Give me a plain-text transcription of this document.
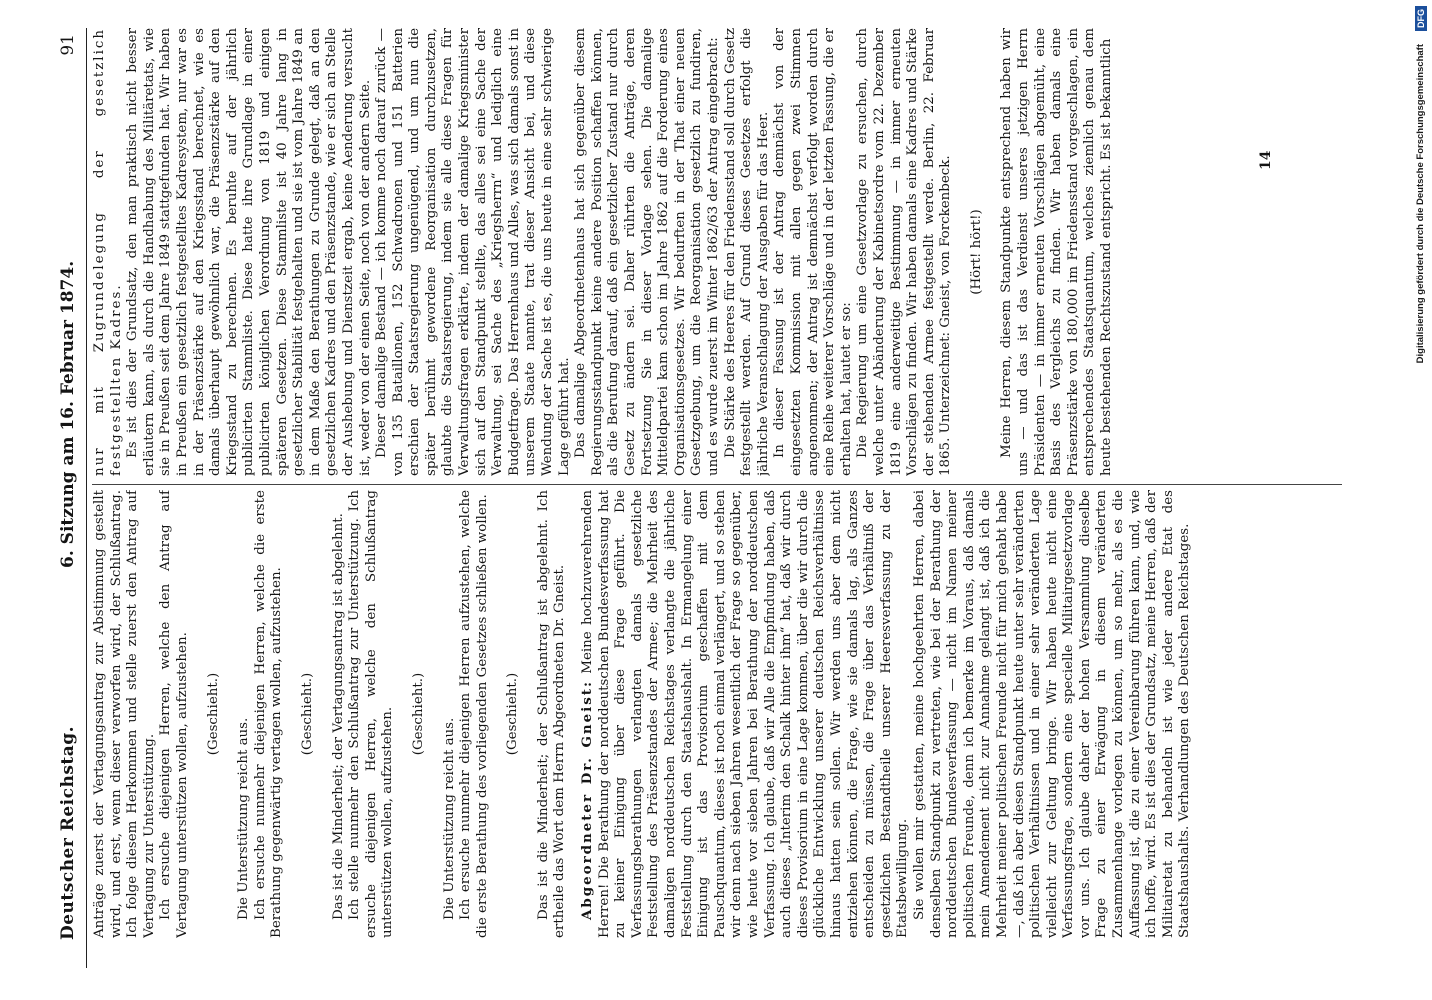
Deutscher Reichstag.
6. Sitzung am 16. Februar 1874.
91

Anträge zuerst der Vertagungsantrag zur Abstimmung gestellt wird, und erst, wenn dieser verworfen wird, der Schlußantrag. Ich folge diesem Herkommen und stelle zuerst den Antrag auf Vertagung zur Unterstützung. Ich ersuche diejenigen Herren, welche den Antrag auf Vertagung unterstützen wollen, aufzustehen. (Geschieht.)

Die Unterstützung reicht aus. Ich ersuche nunmehr diejenigen Herren, welche die erste Berathung gegenwärtig vertagen wollen, aufzustehen. (Geschieht.) Das ist die Minderheit; der Vertagungsantrag ist abgelehnt. Ich stelle nunmehr den Schlußantrag zur Unterstützung. Ich ersuche diejenigen Herren, welche den Schlußantrag unterstützen wollen, aufzustehen. (Geschieht.)

Die Unterstützung reicht aus. Ich ersuche nunmehr diejenigen Herren aufzustehen, welche die erste Berathung des vorliegenden Gesetzes schließen wollen. (Geschieht.) Das ist die Minderheit; der Schlußantrag ist abgelehnt. Ich ertheile das Wort dem Herrn Abgeordneten Dr. Gneist. Abgeordneter Dr. Gneist: Meine hochzuverehrenden Herren! Die Berathung der norddeutschen Bundesverfassung hat zu keiner Einigung über diese Frage geführt. Die Verfassungsberathungen verlangten damals gesetzliche Feststellung des Präsenzstandes der Armee; die Mehrheit des damaligen norddeutschen Reichstages verlangte die jährliche Feststellung durch den Staatshaushalt. In Ermangelung einer Einigung ist das Provisorium geschaffen mit dem Pauschquantum, dieses ist noch einmal verlängert, und so stehen wir denn nach sieben Jahren wesentlich der Frage so gegenüber, wie heute vor sieben Jahren bei Berathung der norddeutschen Verfassung. Ich glaube, daß wir Alle die Empfindung haben, daß auch dieses „Interim den Schalk hinter ihm“ hat, daß wir durch dieses Provisorium in eine Lage kommen, über die wir durch die glückliche Entwicklung unserer deutschen Reichsverhältnisse hinaus hatten sein sollen. Wir werden uns aber dem nicht entziehen können, die Frage, wie sie damals lag, als Ganzes entscheiden zu müssen, die Frage über das Verhältniß der gesetzlichen Bestandtheile unserer Heeresverfassung zu der Etatsbewilligung. Sie wollen mir gestatten, meine hochgeehrten Herren, dabei denselben Standpunkt zu vertreten, wie bei der Berathung der norddeutschen Bundesverfassung — nicht im Namen meiner politischen Freunde, denn ich bemerke im Voraus, daß damals mein Amendement nicht zur Annahme gelangt ist, daß ich die Mehrheit meiner politischen Freunde nicht für mich gehabt habe —, daß ich aber diesen Standpunkt heute unter sehr veränderten politischen Verhältnissen und in einer sehr veränderten Lage vielleicht zur Geltung bringe. Wir haben heute nicht eine Verfassungsfrage, sondern eine specielle Militairgesetzvorlage vor uns. Ich glaube daher der hohen Versammlung dieselbe Frage zu einer Erwägung in diesem veränderten Zusammenhange vorlegen zu können, um so mehr, als es die Auffassung ist, die zu einer Vereinbarung führen kann, und, wie ich hoffe, wird. Es ist dies der Grundsatz, meine Herren, daß der Militairetat zu behandeln ist wie jeder andere Etat des Staatshaushalts. Verhandlungen des Deutschen Reichstages.

nur mit Zugrundelegung der gesetzlich festgestellten Kadres. Es ist dies der Grundsatz, den man praktisch nicht besser erläutern kann, als durch die Handhabung des Militäretats, wie sie in Preußen seit dem Jahre 1849 stattgefunden hat. Wir haben in Preußen ein gesetzlich festgestelltes Kadresystem, nur war es in der Präsenzstärke auf den Kriegsstand berechnet, wie es damals überhaupt gewöhnlich war, die Präsenzstärke auf den Kriegsstand zu berechnen. Es beruhte auf der jährlich publicirten Stammliste. Diese hatte ihre Grundlage in einer publicirten königlichen Verordnung von 1819 und einigen späteren Gesetzen. Diese Stammliste ist 40 Jahre lang in gesetzlicher Stabilität festgehalten und sie ist vom Jahre 1849 an in dem Maße den Berathungen zu Grunde gelegt, daß an den gesetzlichen Kadres und den Präsenzstande, wie er sich an Stelle der Aushebung und Dienstzeit ergab, keine Aenderung versucht ist, weder von der einen Seite, noch von der andern Seite. Dieser damalige Bestand — ich komme noch darauf zurück — von 135 Bataillonen, 152 Schwadronen und 151 Batterien erschien der Staatsregierung ungenügend, und um nun die später berühmt gewordene Reorganisation durchzusetzen, glaubte die Staatsregierung, indem sie alle diese Fragen für Verwaltungsfragen erklärte, indem der damalige Kriegsminister sich auf den Standpunkt stellte, das alles sei eine Sache der Verwaltung, sei Sache des „Kriegsherrn“ und lediglich eine Budgetfrage. Das Herrenhaus und Alles, was sich damals sonst in unserem Staate nannte, trat dieser Ansicht bei, und diese Wendung der Sache ist es, die uns heute in eine sehr schwierige Lage geführt hat. Das damalige Abgeordnetenhaus hat sich gegenüber diesem Regierungsstandpunkt keine andere Position schaffen können, als die Berufung darauf, daß ein gesetzlicher Zustand nur durch Gesetz zu ändern sei. Daher rührten die Anträge, deren Fortsetzung Sie in dieser Vorlage sehen. Die damalige Mitteldpartei kam schon im Jahre 1862 auf die Forderung eines Organisationsgesetzes. Wir bedurften in der That einer neuen Gesetzgebung, um die Reorganisation gesetzlich zu fundiren, und es wurde zuerst im Winter 1862/63 der Antrag eingebracht: Die Stärke des Heeres für den Friedensstand soll durch Gesetz festgestellt werden. Auf Grund dieses Gesetzes erfolgt die jährliche Veranschlagung der Ausgaben für das Heer. In dieser Fassung ist der Antrag demnächst von der eingesetzten Kommission mit allen gegen zwei Stimmen angenommen; der Antrag ist demnächst verfolgt worden durch eine Reihe weiterer Vorschläge und in der letzten Fassung, die er erhalten hat, lautet er so: Die Regierung um eine Gesetzvorlage zu ersuchen, durch welche unter Abänderung der Kabinetsordre vom 22. Dezember 1819 eine anderweitige Bestimmung — in immer erneuten Vorschlägen zu finden. Wir haben damals eine Kadres und Stärke der stehenden Armee festgestellt werde. Berlin, 22. Februar 1865. Unterzeichnet: Gneist, von Forckenbeck. (Hört! hört!) Meine Herren, diesem Standpunkte entsprechend haben wir uns — und das ist das Verdienst unseres jetzigen Herrn Präsidenten — in immer erneuten Vorschlägen abgemüht, eine Basis des Vergleichs zu finden. Wir haben damals eine Präsenzstärke von 180,000 im Friedensstand vorgeschlagen, ein entsprechendes Staatsquantum, welches ziemlich genau dem heute bestehenden Rechtszustand entspricht. Es ist bekanntlich	14	Digitalisierung gefördert durch die Deutsche Forschungsgemeinschaft
DFG
